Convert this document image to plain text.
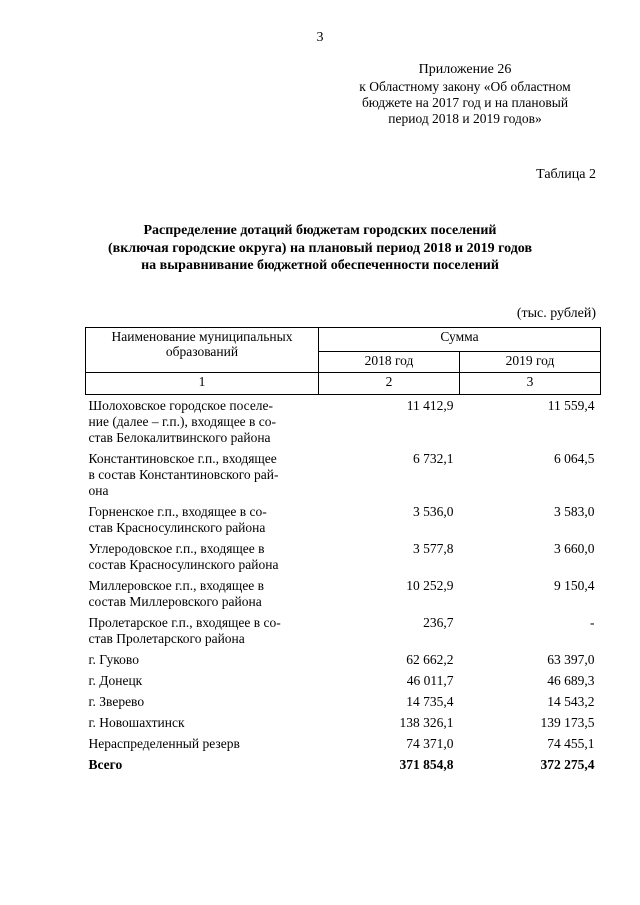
3
Приложение 26
к Областному закону «Об областном
бюджете на 2017 год и на плановый
период 2018 и 2019 годов»
Таблица 2
Распределение дотаций бюджетам городских поселений
(включая городские округа) на плановый период 2018 и 2019 годов
на выравнивание бюджетной обеспеченности поселений
(тыс. рублей)
Наименование муниципальных
образований	Сумма	
	2018 год	2019 год
1	2	3

Шолоховское городское поселе-
ние (далее – г.п.), входящее в со-
став Белокалитвинского района	11 412,9	11 559,4

Константиновское г.п., входящее
в состав Константиновского рай-
она	6 732,1	6 064,5

Горненское г.п., входящее в со-
став Красносулинского района	3 536,0	3 583,0

Углеродовское г.п., входящее в
состав Красносулинского района	3 577,8	3 660,0

Миллеровское г.п., входящее в
состав Миллеровского района	10 252,9	9 150,4

Пролетарское г.п., входящее в со-
став Пролетарского района	236,7	-

г. Гуково	62 662,2	63 397,0

г. Донецк	46 011,7	46 689,3

г. Зверево	14 735,4	14 543,2

г. Новошахтинск	138 326,1	139 173,5

Нераспределенный резерв	74 371,0	74 455,1
Всего	371 854,8	372 275,4
